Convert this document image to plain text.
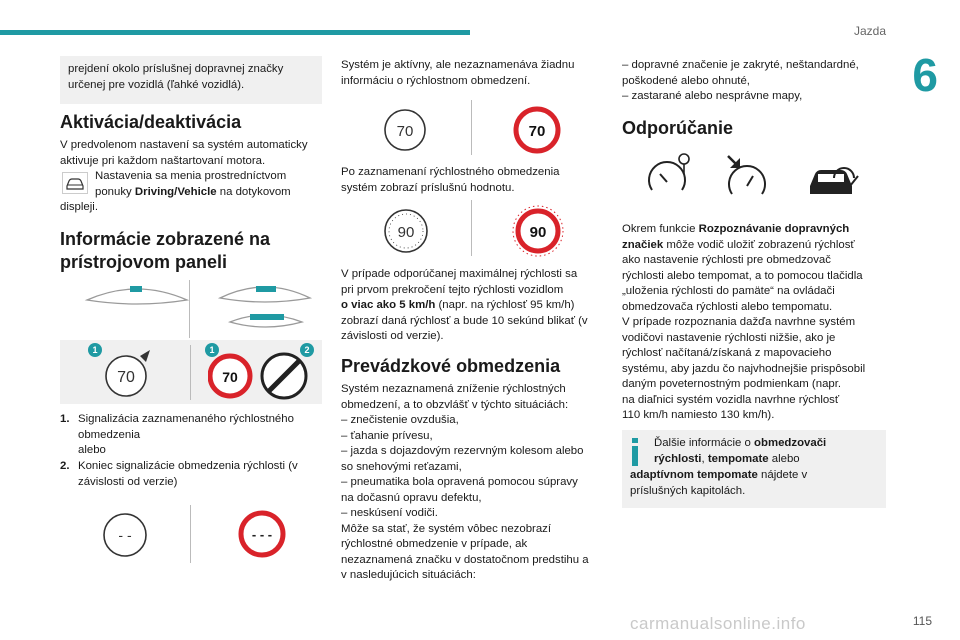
Jazda
6
115
carmanualsonline.info
prejdení okolo príslušnej dopravnej značky
určenej pre vozidlá (ľahké vozidlá).
Aktivácia/deaktivácia
V predvolenom nastavení sa systém automaticky
aktivuje pri každom naštartovaní motora.
Nastavenia sa menia prostredníctvom
ponuky Driving/Vehicle na dotykovom
displeji.
Informácie zobrazené na
prístrojovom paneli
1
70
1
70
2
1. Signalizácia zaznamenaného rýchlostného
obmedzenia
alebo
2. Koniec signalizácie obmedzenia rýchlosti (v
závislosti od verzie)
- -	- - -
Systém je aktívny, ale nezaznamenáva žiadnu
informáciu o rýchlostnom obmedzení.
70	70
Po zaznamenaní rýchlostného obmedzenia
systém zobrazí príslušnú hodnotu.
90	90
V prípade odporúčanej maximálnej rýchlosti sa
pri prvom prekročení tejto rýchlosti vozidlom
o viac ako 5 km/h (napr. na rýchlosť 95 km/h)
zobrazí daná rýchlosť a bude 10 sekúnd blikať (v
závislosti od verzie).
Prevádzkové obmedzenia
Systém nezaznamená zníženie rýchlostných
obmedzení, a to obzvlášť v týchto situáciách:
– znečistenie ovzdušia,
– ťahanie prívesu,
– jazda s dojazdovým rezervným kolesom alebo
so snehovými reťazami,
– pneumatika bola opravená pomocou súpravy
na dočasnú opravu defektu,
– neskúsení vodiči.
Môže sa stať, že systém vôbec nezobrazí
rýchlostné obmedzenie v prípade, ak
nezaznamená značku v dostatočnom predstihu a
v nasledujúcich situáciách:
– dopravné značenie je zakryté, neštandardné,
poškodené alebo ohnuté,
– zastarané alebo nesprávne mapy,
Odporúčanie
Okrem funkcie Rozpoznávanie dopravných
značiek môže vodič uložiť zobrazenú rýchlosť
ako nastavenie rýchlosti pre obmedzovač
rýchlosti alebo tempomat, a to pomocou tlačidla
„uloženia rýchlosti do pamäte“ na ovládači
obmedzovača rýchlosti alebo tempomatu.
V prípade rozpoznania dažďa navrhne systém
vodičovi nastavenie rýchlosti nižšie, ako je
rýchlosť načítaná/získaná z mapovacieho
systému, aby jazdu čo najvhodnejšie prispôsobil
daným poveternostným podmienkam (napr.
na diaľnici systém vozidla navrhne rýchlosť
110 km/h namiesto 130 km/h).
Ďalšie informácie o obmedzovači
rýchlosti, tempomate alebo
adaptívnom tempomate nájdete v
príslušných kapitolách.
